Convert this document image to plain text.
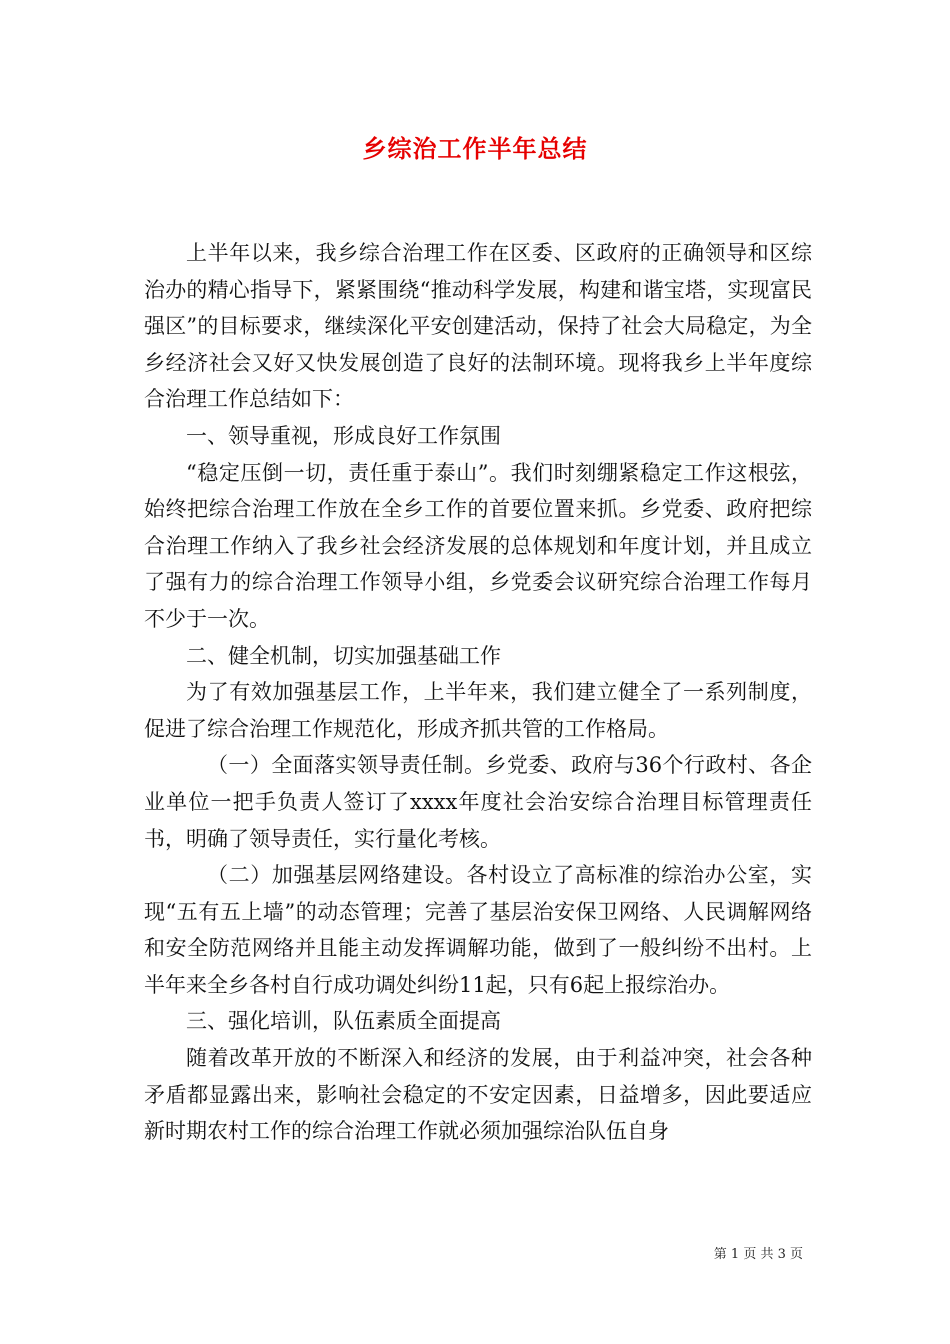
乡综治工作半年总结

上半年以来，我乡综合治理工作在区委、区政府的正确领导和区综治办的精心指导下，紧紧围绕“推动科学发展，构建和谐宝塔，实现富民强区”的目标要求，继续深化平安创建活动，保持了社会大局稳定，为全乡经济社会又好又快发展创造了良好的法制环境。现将我乡上半年度综合治理工作总结如下：

一、领导重视，形成良好工作氛围

“稳定压倒一切，责任重于泰山”。我们时刻绷紧稳定工作这根弦，始终把综合治理工作放在全乡工作的首要位置来抓。乡党委、政府把综合治理工作纳入了我乡社会经济发展的总体规划和年度计划，并且成立了强有力的综合治理工作领导小组，乡党委会议研究综合治理工作每月不少于一次。

二、健全机制，切实加强基础工作

为了有效加强基层工作，上半年来，我们建立健全了一系列制度，促进了综合治理工作规范化，形成齐抓共管的工作格局。

（一）全面落实领导责任制。乡党委、政府与36个行政村、各企业单位一把手负责人签订了xxxx年度社会治安综合治理目标管理责任书，明确了领导责任，实行量化考核。

（二）加强基层网络建设。各村设立了高标准的综治办公室，实现“五有五上墙”的动态管理；完善了基层治安保卫网络、人民调解网络和安全防范网络并且能主动发挥调解功能，做到了一般纠纷不出村。上半年来全乡各村自行成功调处纠纷11起，只有6起上报综治办。

三、强化培训，队伍素质全面提高

随着改革开放的不断深入和经济的发展，由于利益冲突，社会各种矛盾都显露出来，影响社会稳定的不安定因素，日益增多，因此要适应新时期农村工作的综合治理工作就必须加强综治队伍自身

第 1 页 共 3 页
